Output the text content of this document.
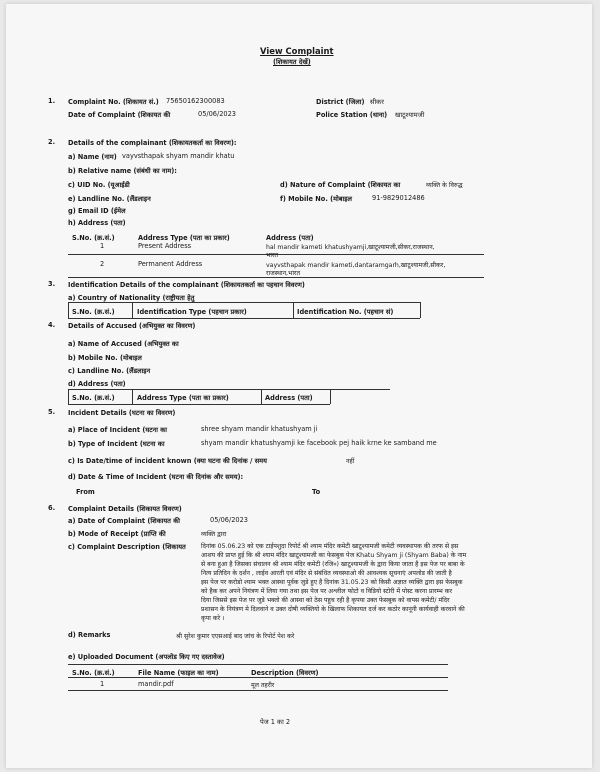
View Complaint
(शिकायत देखें)
1. Complaint No. (शिकायत सं.) 75650162300083	District (जिला) सीकर
Date of Complaint (शिकायत की	05/06/2023	Police Station (थाना) खाटूश्यामजी
2. Details of the complainant (शिकायतकर्ता का विवरण):
a) Name (नाम) vayvsthapak shyam mandir khatu
b) Relative name (संबंधी का नाम):
c) UID No. (यूआईडी	d) Nature of Complaint (शिकायत का	व्यक्ति के विरुद्ध
e) Landline No. (लैंडलाइन	f) Mobile No. (मोबाइल	91-9829012486
g) Email ID (ईमेल
h) Address (पता)
S.No. (क्र.सं.)	Address Type (पता का प्रकार)	Address (पता)
1	Present Address	hal mandir kameti khatushyamji,खाटूश्यामजी,सीकर,राजस्थान,
भारत
2	Permanent Address	vayvsthapak mandir kameti,dantaramgarh,खाटूश्यामजी,सीकर,
राजस्थान,भारत
3. Identification Details of the complainant (शिकायतकर्ता का पहचान विवरण)
a) Country of Nationality (राष्ट्रीयता हेतु
S.No. (क्र.सं.)	Identification Type (पहचान प्रकार)	Identification No. (पहचान सं)
4. Details of Accused (अभियुक्त का विवरण)
a) Name of Accused (अभियुक्त का
b) Mobile No. (मोबाइल
c) Landline No. (लैंडलाइन
d) Address (पता)
S.No. (क्र.सं.)	Address Type (पता का प्रकार)	Address (पता)
5. Incident Details (घटना का विवरण)
a) Place of Incident (घटना का	shree shyam mandir khatushyam ji
b) Type of Incident (घटना का	shyam mandir khatushyamji ke facebook pej haik krne ke samband me
c) Is Date/time of incident known (क्या घटना की दिनांक / समय	नहीं
d) Date & Time of Incident (घटना की दिनांक और समय):
From	To
6. Complaint Details (शिकायत विवरण)
a) Date of Complaint (शिकायत की	05/06/2023
b) Mode of Receipt (प्राप्ति की	व्यक्ति द्वारा
c) Complaint Description (शिकायत दिनांक 05.06.23 को एक टाईपशुदा रिपोर्ट श्री श्याम मंदिर कमेटी खाटूश्यामजी कमेटी व्यवस्थापक की तरफ से इस
आशय की प्राप्त हुई कि श्री श्याम मंदिर खाटूश्यामजी का फेसबुक पेज Khatu Shyam ji (Shyam Baba) के नाम
से बना हुआ है जिसका संचालन श्री श्याम मंदिर कमेटी (रजि०) खाटूश्यामजी के द्वारा किया जाता है इस पेज पर बाबा के
नित्य प्रतिदिन के दर्शन , लाईव आरती एवं मंदिर से संबंधित व्यवस्थाओ की आवश्यक सूचनाएं अपलोड की जाती है
इस पेज पर करोडो श्याम भक्त आस्था पूर्वक जुडे हुए है दिनांक 31.05.23 को किसी अज्ञात व्यक्ति द्वारा इस फेसबुक
को हैक कर अपने नियंत्रण में लिया गया तथा इस पेज पर अश्लील फोटो व विडियो स्टोरी में पोस्ट करना प्रारम्भ कर
दिया जिससे इस पेज पर जुडे भक्तो की आस्था को ठेस पहुच रही है कृपया उक्त फेसबुक को वापस कमेटी/ मंदिर
प्रशासन के नियंत्रण मे दिलवाने व उक्त दोषी व्यक्तियो के खिलाफ शिकायत दर्ज कर कठोर कानूनी कार्यवाही करवाने की
कृपा करे ।
d) Remarks	श्री सुरेश कुमार एएसआई बाद जांच के रिपोर्ट पेश करे
e) Uploaded Document (अपलोड किए गए दस्तावेज)
S.No. (क्र.सं.)	File Name (फाइल का नाम)	Description (विवरण)
1	mandir.pdf	मूल तहरीर
पेज 1 का 2
